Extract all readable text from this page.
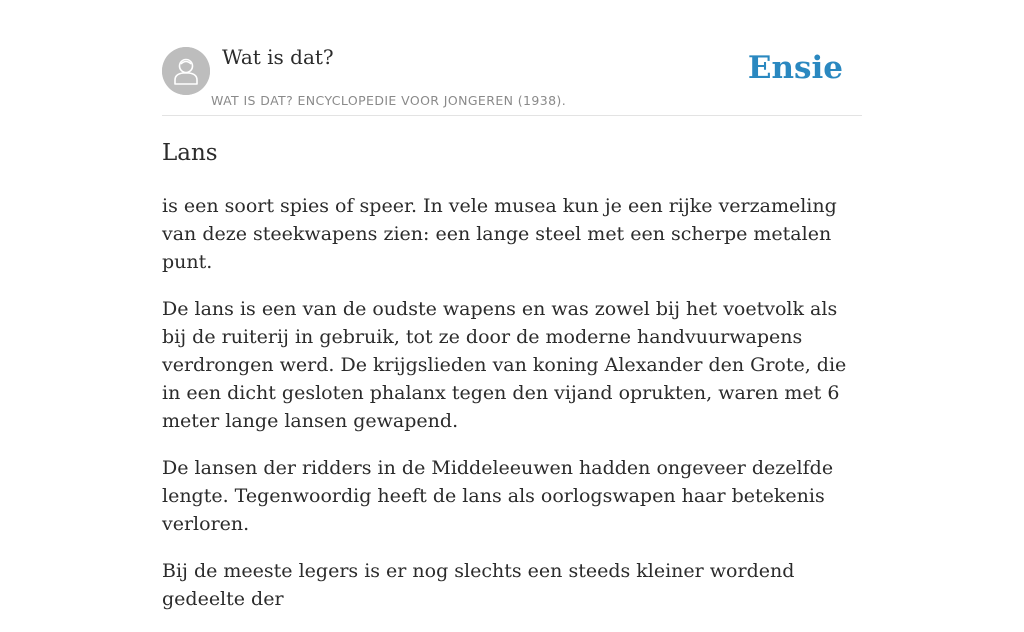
Wat is dat?
WAT IS DAT? ENCYCLOPEDIE VOOR JONGEREN (1938).
Ensie
Lans

is een soort spies of speer. In vele musea kun je een rijke verzameling van deze steekwapens zien: een lange steel met een scherpe metalen punt.

De lans is een van de oudste wapens en was zowel bij het voetvolk als bij de ruiterij in gebruik, tot ze door de moderne handvuurwapens verdrongen werd. De krijgslieden van koning Alexander den Grote, die in een dicht gesloten phalanx tegen den vijand oprukten, waren met 6 meter lange lansen gewapend.

De lansen der ridders in de Middeleeuwen hadden ongeveer dezelfde lengte. Tegenwoordig heeft de lans als oorlogswapen haar betekenis verloren.

Bij de meeste legers is er nog slechts een steeds kleiner wordend gedeelte der
